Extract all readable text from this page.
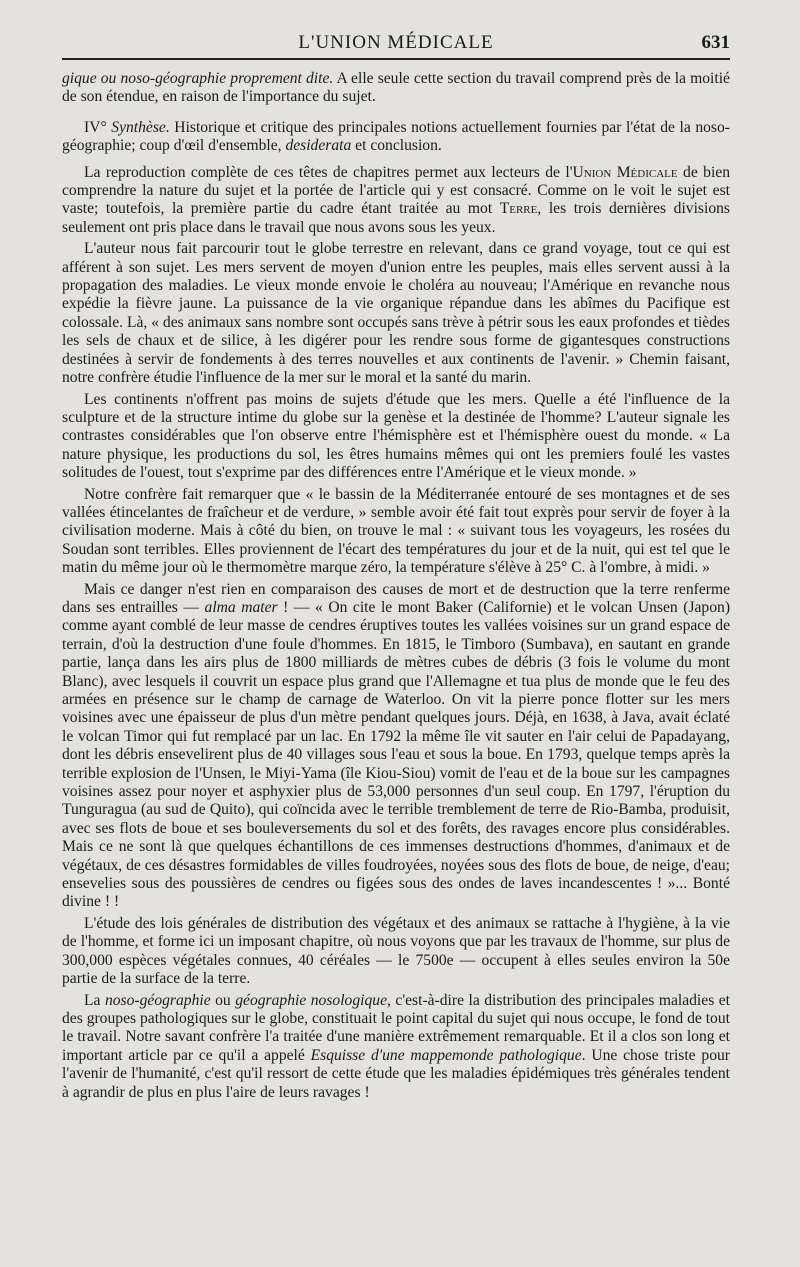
L'UNION MÉDICALE	631

gique ou noso-géographie proprement dite. A elle seule cette section du travail comprend près de la moitié de son étendue, en raison de l'importance du sujet.

IV° Synthèse. Historique et critique des principales notions actuellement fournies par l'état de la noso-géographie; coup d'œil d'ensemble, desiderata et conclusion.

La reproduction complète de ces têtes de chapitres permet aux lecteurs de l'Union Médicale de bien comprendre la nature du sujet et la portée de l'article qui y est consacré. Comme on le voit le sujet est vaste; toutefois, la première partie du cadre étant traitée au mot Terre, les trois dernières divisions seulement ont pris place dans le travail que nous avons sous les yeux.

L'auteur nous fait parcourir tout le globe terrestre en relevant, dans ce grand voyage, tout ce qui est afférent à son sujet. Les mers servent de moyen d'union entre les peuples, mais elles servent aussi à la propagation des maladies. Le vieux monde envoie le choléra au nouveau; l'Amérique en revanche nous expédie la fièvre jaune. La puissance de la vie organique répandue dans les abîmes du Pacifique est colossale. Là, « des animaux sans nombre sont occupés sans trève à pétrir sous les eaux profondes et tièdes les sels de chaux et de silice, à les digérer pour les rendre sous forme de gigantesques constructions destinées à servir de fondements à des terres nouvelles et aux continents de l'avenir. » Chemin faisant, notre confrère étudie l'influence de la mer sur le moral et la santé du marin.

Les continents n'offrent pas moins de sujets d'étude que les mers. Quelle a été l'influence de la sculpture et de la structure intime du globe sur la genèse et la destinée de l'homme? L'auteur signale les contrastes considérables que l'on observe entre l'hémisphère est et l'hémisphère ouest du monde. « La nature physique, les productions du sol, les êtres humains mêmes qui ont les premiers foulé les vastes solitudes de l'ouest, tout s'exprime par des différences entre l'Amérique et le vieux monde. »

Notre confrère fait remarquer que « le bassin de la Méditerranée entouré de ses montagnes et de ses vallées étincelantes de fraîcheur et de verdure, » semble avoir été fait tout exprès pour servir de foyer à la civilisation moderne. Mais à côté du bien, on trouve le mal : « suivant tous les voyageurs, les rosées du Soudan sont terribles. Elles proviennent de l'écart des températures du jour et de la nuit, qui est tel que le matin du même jour où le thermomètre marque zéro, la température s'élève à 25° C. à l'ombre, à midi. »

Mais ce danger n'est rien en comparaison des causes de mort et de destruction que la terre renferme dans ses entrailles — alma mater ! — « On cite le mont Baker (Californie) et le volcan Unsen (Japon) comme ayant comblé de leur masse de cendres éruptives toutes les vallées voisines sur un grand espace de terrain, d'où la destruction d'une foule d'hommes. En 1815, le Timboro (Sumbava), en sautant en grande partie, lança dans les airs plus de 1800 milliards de mètres cubes de débris (3 fois le volume du mont Blanc), avec lesquels il couvrit un espace plus grand que l'Allemagne et tua plus de monde que le feu des armées en présence sur le champ de carnage de Waterloo. On vit la pierre ponce flotter sur les mers voisines avec une épaisseur de plus d'un mètre pendant quelques jours. Déjà, en 1638, à Java, avait éclaté le volcan Timor qui fut remplacé par un lac. En 1792 la même île vit sauter en l'air celui de Papadayang, dont les débris ensevelirent plus de 40 villages sous l'eau et sous la boue. En 1793, quelque temps après la terrible explosion de l'Unsen, le Miyi-Yama (île Kiou-Siou) vomit de l'eau et de la boue sur les campagnes voisines assez pour noyer et asphyxier plus de 53,000 personnes d'un seul coup. En 1797, l'éruption du Tunguragua (au sud de Quito), qui coïncida avec le terrible tremblement de terre de Rio-Bamba, produisit, avec ses flots de boue et ses bouleversements du sol et des forêts, des ravages encore plus considérables. Mais ce ne sont là que quelques échantillons de ces immenses destructions d'hommes, d'animaux et de végétaux, de ces désastres formidables de villes foudroyées, noyées sous des flots de boue, de neige, d'eau; ensevelies sous des poussières de cendres ou figées sous des ondes de laves incandescentes ! »... Bonté divine ! !

L'étude des lois générales de distribution des végétaux et des animaux se rattache à l'hygiène, à la vie de l'homme, et forme ici un imposant chapitre, où nous voyons que par les travaux de l'homme, sur plus de 300,000 espèces végétales connues, 40 céréales — le 7500e — occupent à elles seules environ la 50e partie de la surface de la terre.

La noso-géographie ou géographie nosologique, c'est-à-dire la distribution des principales maladies et des groupes pathologiques sur le globe, constituait le point capital du sujet qui nous occupe, le fond de tout le travail. Notre savant confrère l'a traitée d'une manière extrêmement remarquable. Et il a clos son long et important article par ce qu'il a appelé Esquisse d'une mappemonde pathologique. Une chose triste pour l'avenir de l'humanité, c'est qu'il ressort de cette étude que les maladies épidémiques très générales tendent à agrandir de plus en plus l'aire de leurs ravages !
